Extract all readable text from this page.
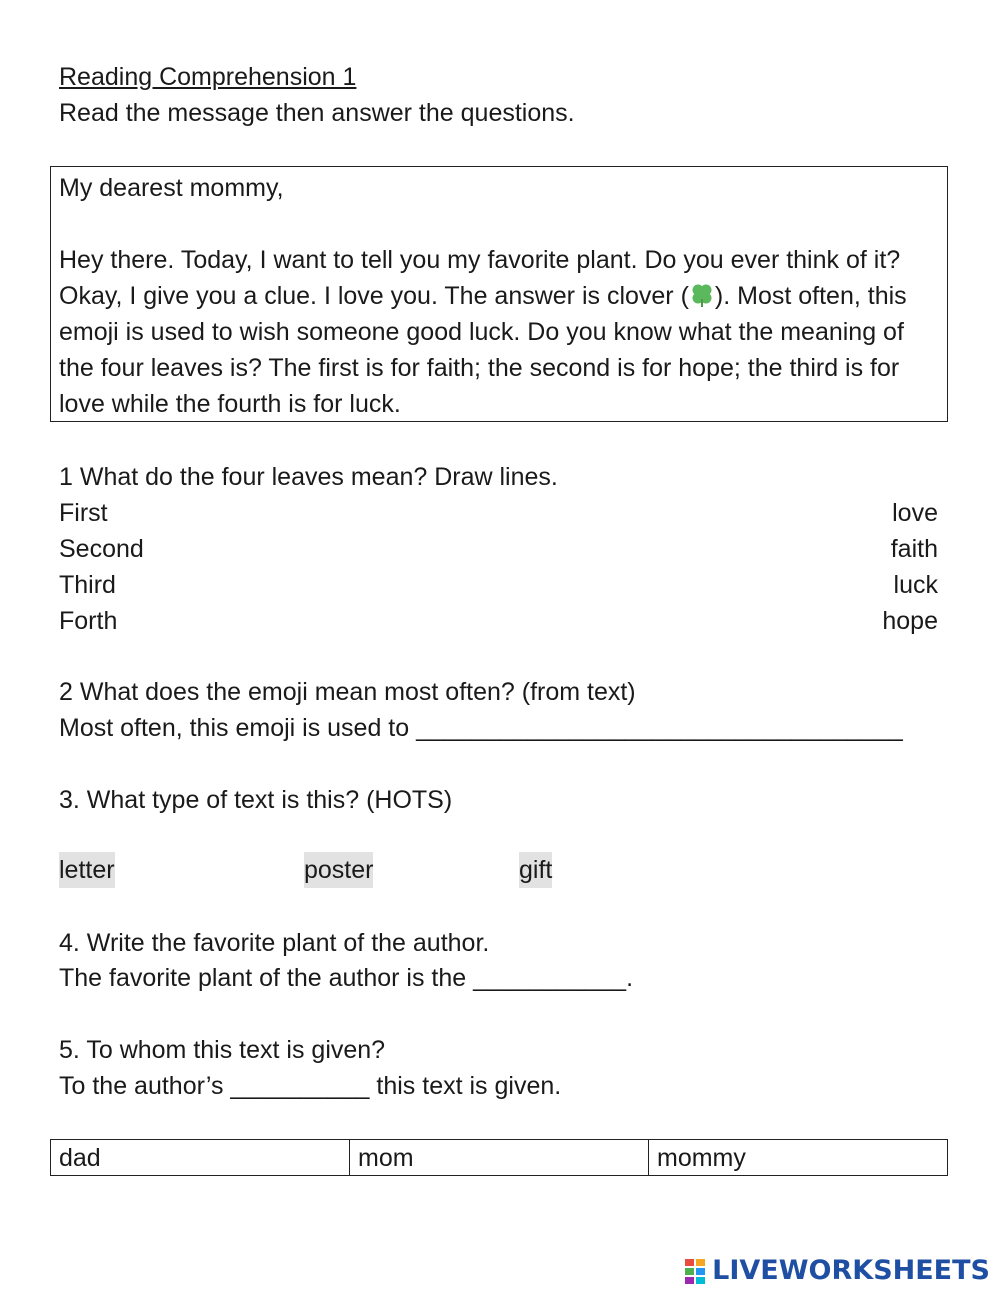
Reading Comprehension 1
Read the message then answer the questions.
My dearest mommy,
Hey there. Today, I want to tell you my favorite plant. Do you ever think of it? Okay, I give you a clue. I love you. The answer is clover ( ). Most often, this emoji is used to wish someone good luck. Do you know what the meaning of the four leaves is? The first is for faith; the second is for hope; the third is for love while the fourth is for luck.
1 What do the four leaves mean? Draw lines.
First	love
Second	faith
Third	luck
Forth	hope
2 What does the emoji mean most often? (from text)
Most often, this emoji is used to ___________________________________
3. What type of text is this? (HOTS)
letter	poster	gift
4. Write the favorite plant of the author.
The favorite plant of the author is the ___________.
5. To whom this text is given?
To the author’s __________ this text is given.
dad	mom	mommy
LIVEWORKSHEETS
